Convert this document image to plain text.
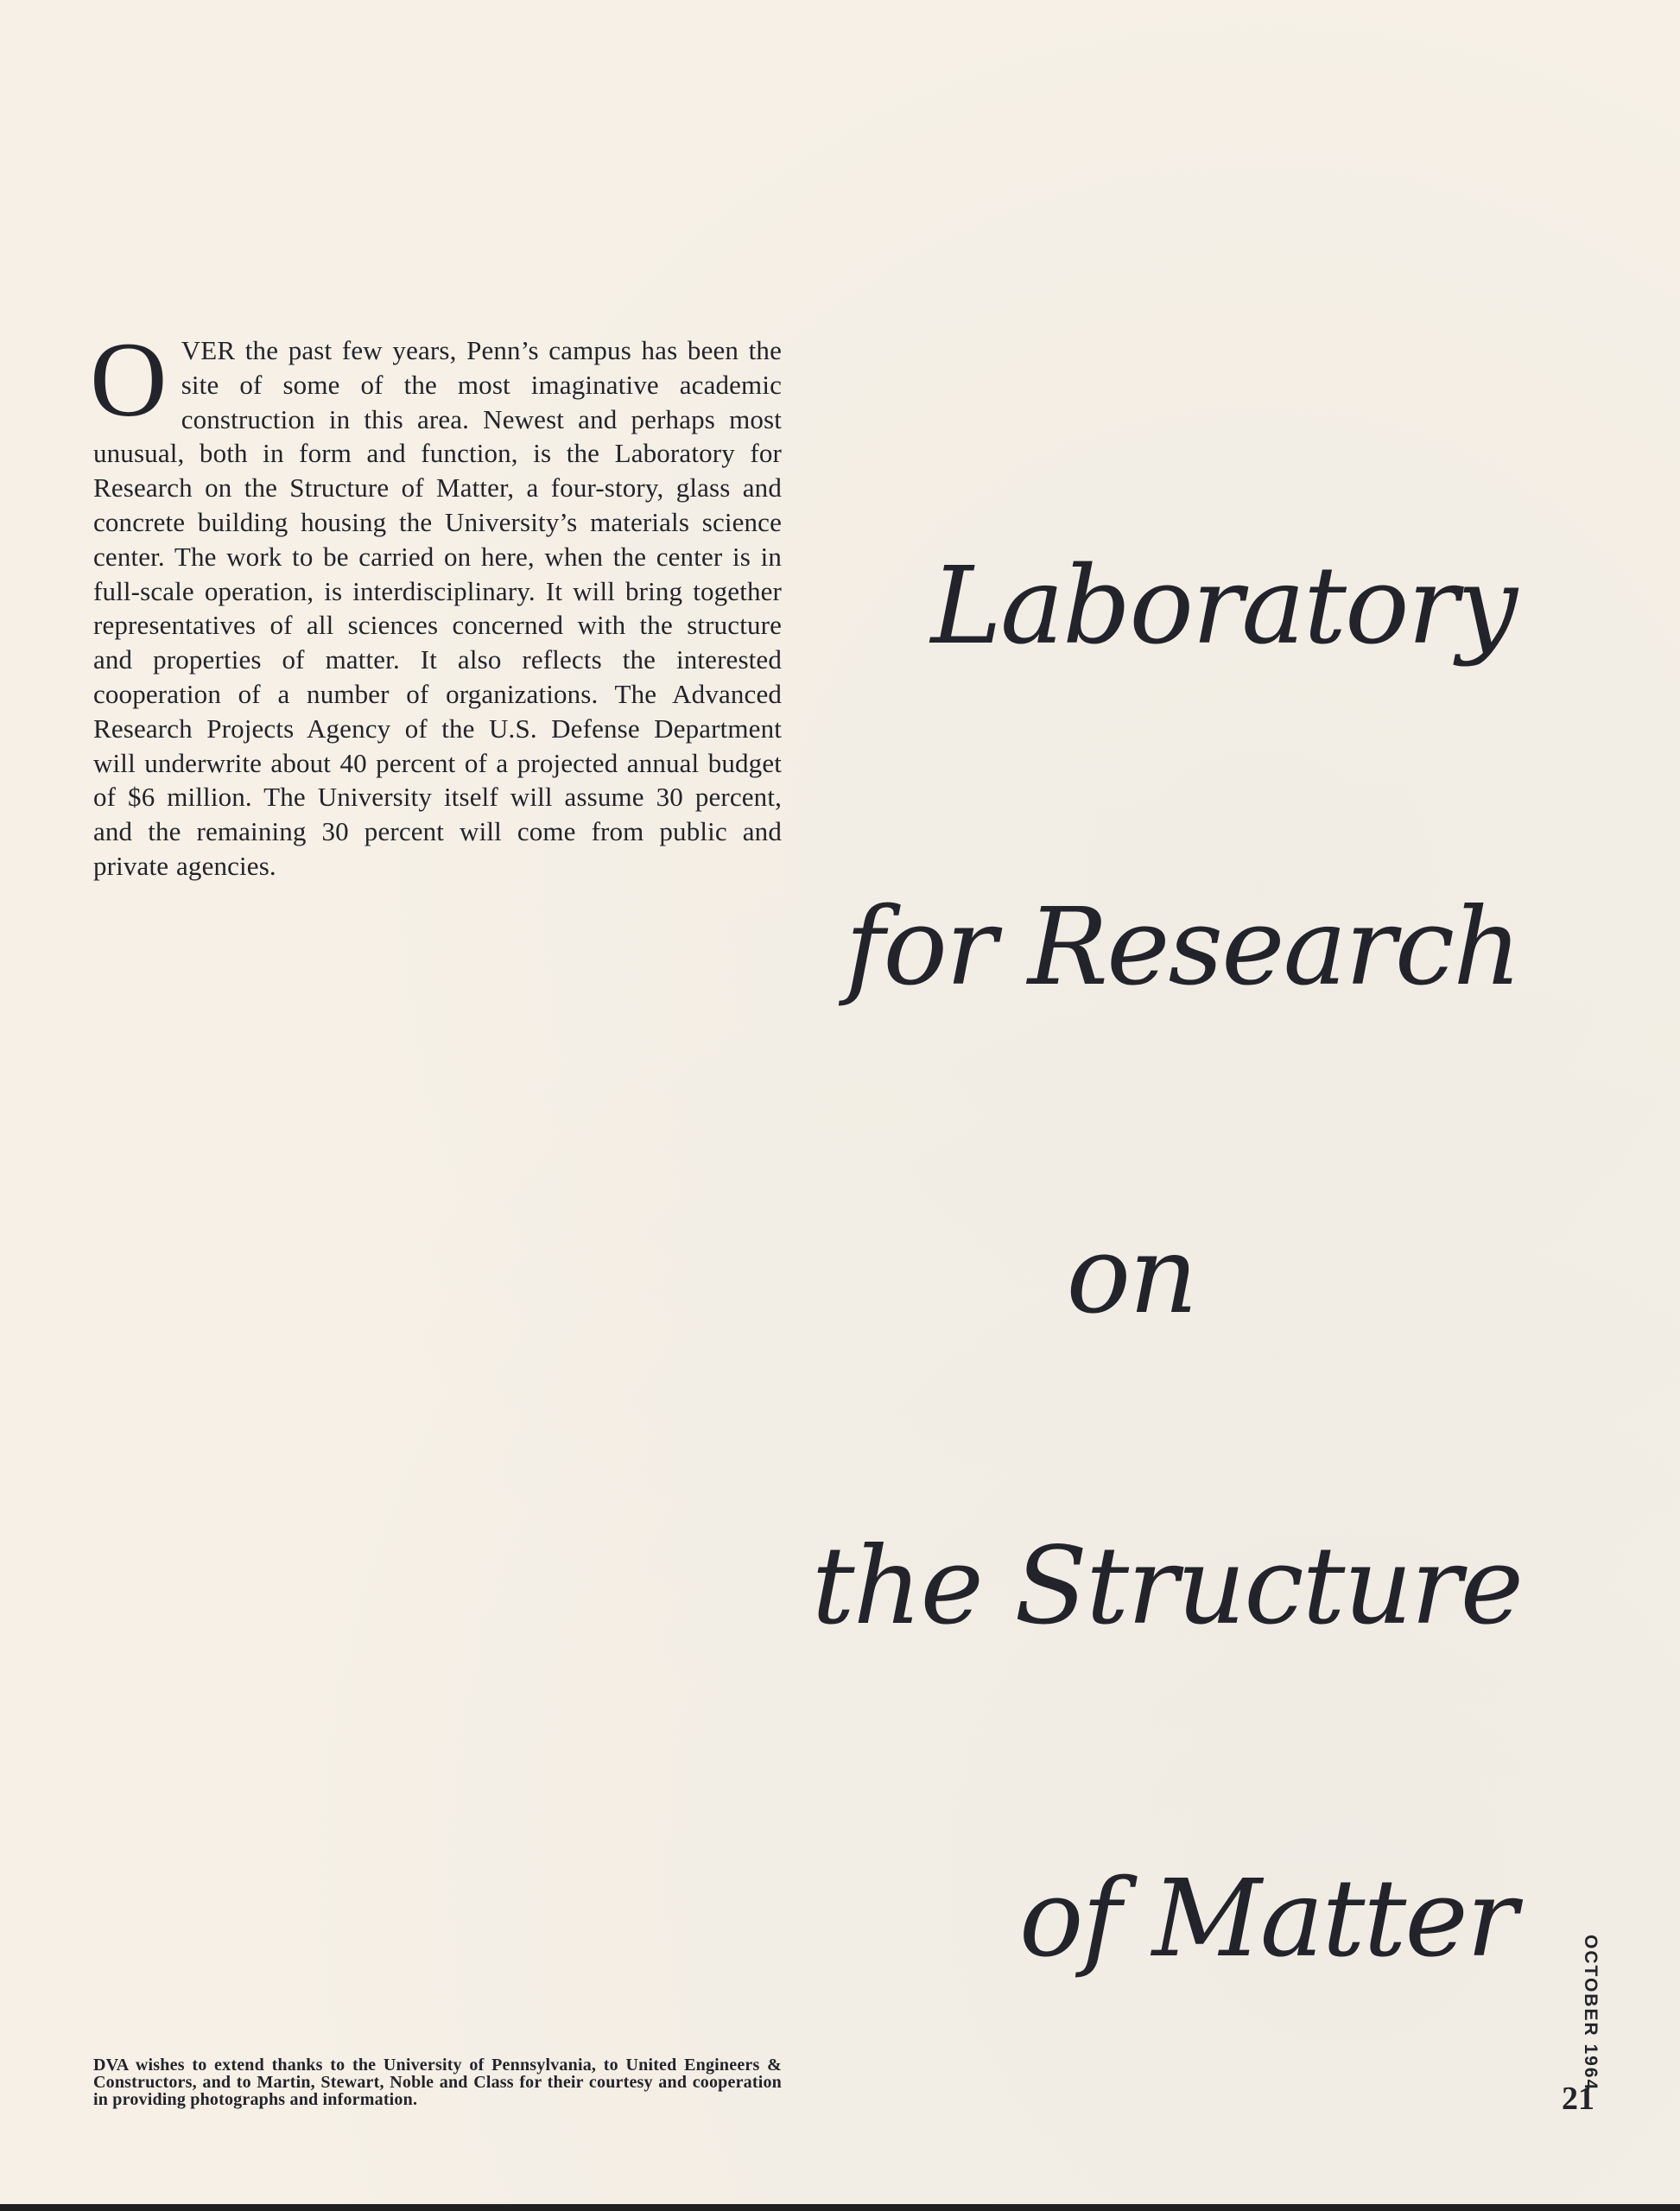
O VER the past few years, Penn’s campus has been the site of some of the most imaginative academic construction in this area. Newest and perhaps most unusual, both in form and function, is the Laboratory for Research on the Structure of Matter, a four-story, glass and concrete building housing the University’s materials science center. The work to be carried on here, when the center is in full-scale operation, is interdisciplinary. It will bring together representatives of all sciences concerned with the structure and properties of matter. It also reflects the interested cooperation of a number of organizations. The Advanced Research Projects Agency of the U.S. Defense Department will underwrite about 40 percent of a projected annual budget of $6 million. The University itself will assume 30 percent, and the remaining 30 percent will come from public and private agencies.
Laboratory
for Research
on
the Structure
of Matter
DVA wishes to extend thanks to the University of Pennsylvania, to United Engineers & Constructors, and to Martin, Stewart, Noble and Class for their courtesy and cooperation in providing photographs and information.
OCTOBER 1964
21
